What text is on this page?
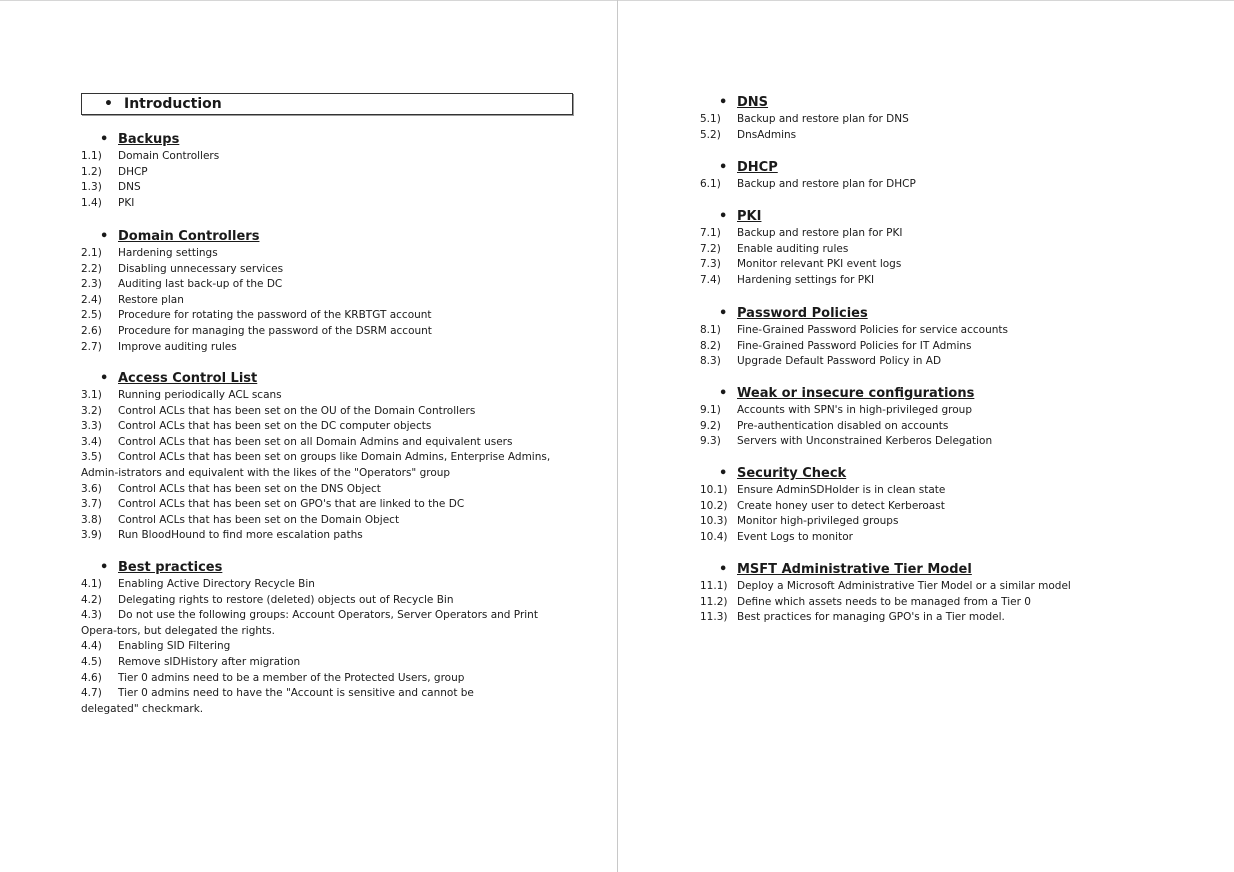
• Introduction
• Backups
1.1)	Domain Controllers
1.2)	DHCP
1.3)	DNS
1.4)	PKI
• Domain Controllers
2.1)	Hardening settings
2.2)	Disabling unnecessary services
2.3)	Auditing last back-up of the DC
2.4)	Restore plan
2.5)	Procedure for rotating the password of the KRBTGT account
2.6)	Procedure for managing the password of the DSRM account
2.7)	Improve auditing rules
• Access Control List
3.1)	Running periodically ACL scans
3.2)	Control ACLs that has been set on the OU of the Domain Controllers
3.3)	Control ACLs that has been set on the DC computer objects
3.4)	Control ACLs that has been set on all Domain Admins and equivalent users
3.5)	Control ACLs that has been set on groups like Domain Admins, Enterprise Admins, Admin-istrators and equivalent with the likes of the "Operators" group
3.6)	Control ACLs that has been set on the DNS Object
3.7)	Control ACLs that has been set on GPO's that are linked to the DC
3.8)	Control ACLs that has been set on the Domain Object
3.9)	Run BloodHound to find more escalation paths
• Best practices
4.1)	Enabling Active Directory Recycle Bin
4.2)	Delegating rights to restore (deleted) objects out of Recycle Bin
4.3)	Do not use the following groups: Account Operators, Server Operators and Print Opera-tors, but delegated the rights.
4.4)	Enabling SID Filtering
4.5)	Remove sIDHistory after migration
4.6)	Tier 0 admins need to be a member of the Protected Users, group
4.7)	Tier 0 admins need to have the "Account is sensitive and cannot be delegated" checkmark.
• DNS
5.1)	Backup and restore plan for DNS
5.2)	DnsAdmins
• DHCP
6.1)	Backup and restore plan for DHCP
• PKI
7.1)	Backup and restore plan for PKI
7.2)	Enable auditing rules
7.3)	Monitor relevant PKI event logs
7.4)	Hardening settings for PKI
• Password Policies
8.1)	Fine-Grained Password Policies for service accounts
8.2)	Fine-Grained Password Policies for IT Admins
8.3)	Upgrade Default Password Policy in AD
• Weak or insecure configurations
9.1)	Accounts with SPN's in high-privileged group
9.2)	Pre-authentication disabled on accounts
9.3)	Servers with Unconstrained Kerberos Delegation
• Security Check
10.1) Ensure AdminSDHolder is in clean state
10.2) Create honey user to detect Kerberoast
10.3) Monitor high-privileged groups
10.4) Event Logs to monitor
• MSFT Administrative Tier Model
11.1) Deploy a Microsoft Administrative Tier Model or a similar model
11.2) Define which assets needs to be managed from a Tier 0
11.3) Best practices for managing GPO's in a Tier model.
